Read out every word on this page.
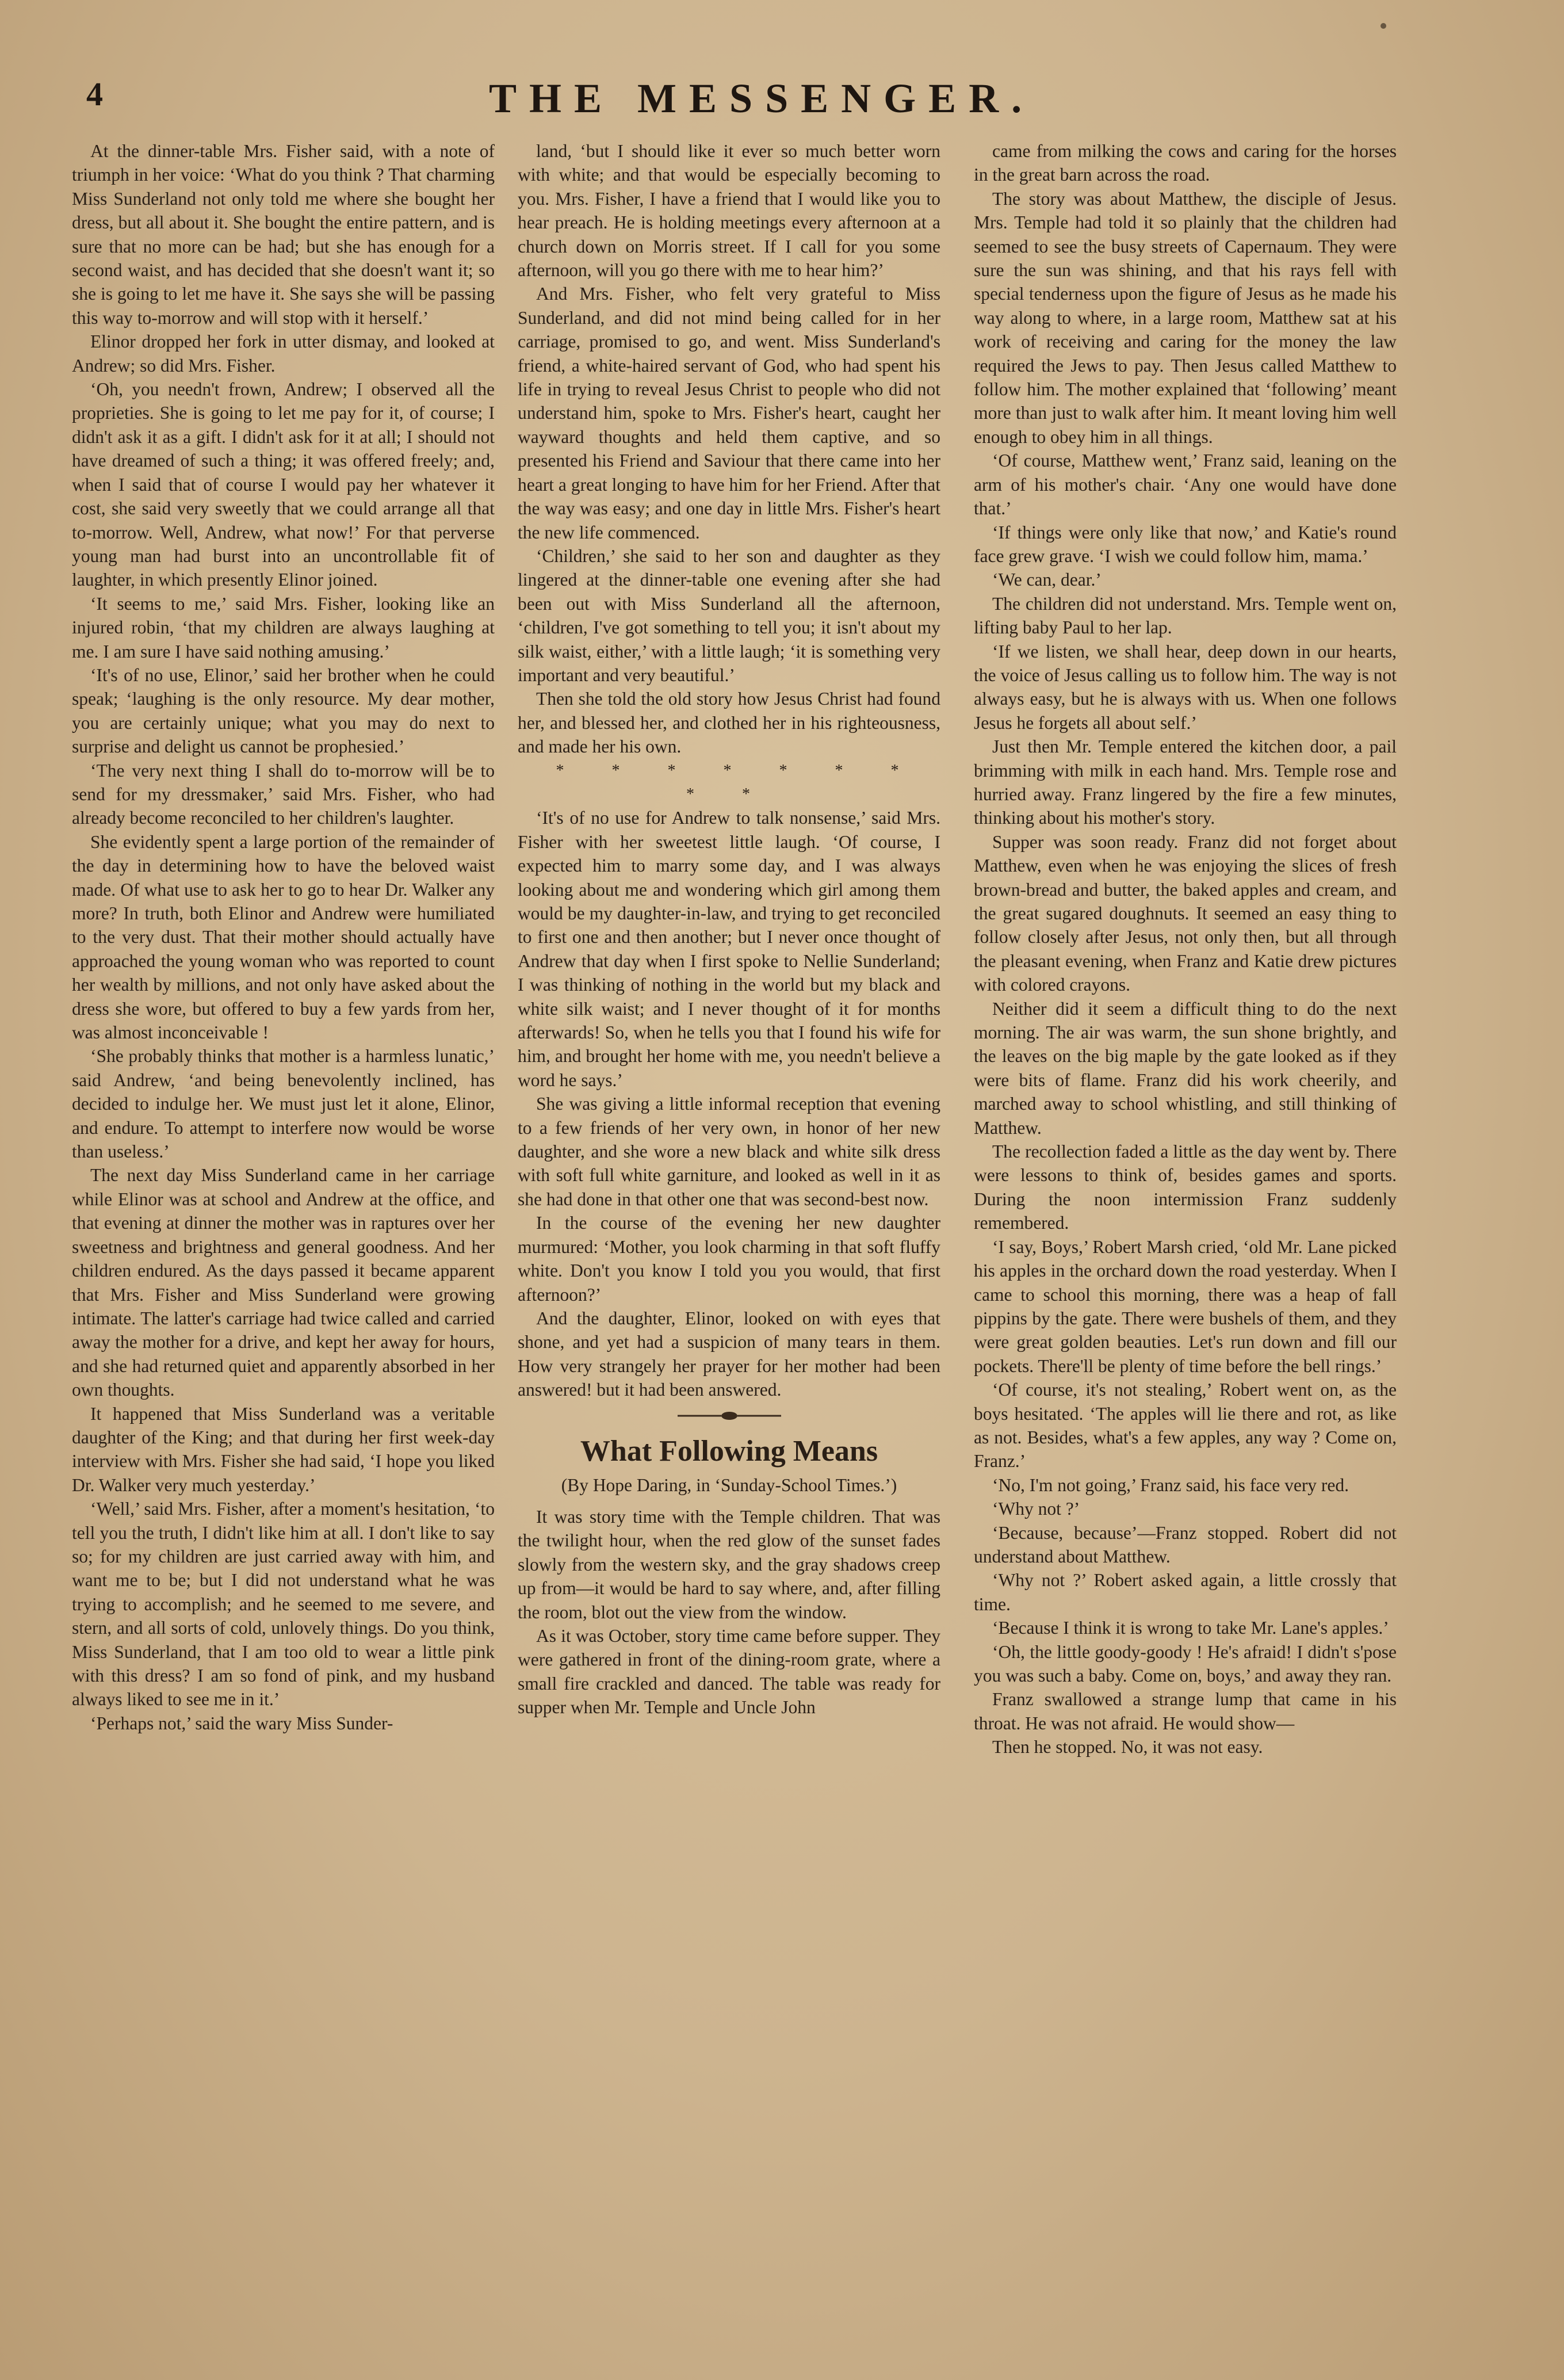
4	THE MESSENGER.

At the dinner-table Mrs. Fisher said, with a note of triumph in her voice: ‘What do you think ? That charming Miss Sunderland not only told me where she bought her dress, but all about it. She bought the entire pattern, and is sure that no more can be had; but she has enough for a second waist, and has decided that she doesn't want it; so she is going to let me have it. She says she will be passing this way to-morrow and will stop with it herself.’

Elinor dropped her fork in utter dismay, and looked at Andrew; so did Mrs. Fisher.

‘Oh, you needn't frown, Andrew; I observed all the proprieties. She is going to let me pay for it, of course; I didn't ask it as a gift. I didn't ask for it at all; I should not have dreamed of such a thing; it was offered freely; and, when I said that of course I would pay her whatever it cost, she said very sweetly that we could arrange all that to-morrow. Well, Andrew, what now!’ For that perverse young man had burst into an uncontrollable fit of laughter, in which presently Elinor joined.

‘It seems to me,’ said Mrs. Fisher, looking like an injured robin, ‘that my children are always laughing at me. I am sure I have said nothing amusing.’

‘It's of no use, Elinor,’ said her brother when he could speak; ‘laughing is the only resource. My dear mother, you are certainly unique; what you may do next to surprise and delight us cannot be prophesied.’

‘The very next thing I shall do to-morrow will be to send for my dressmaker,’ said Mrs. Fisher, who had already become reconciled to her children's laughter.

She evidently spent a large portion of the remainder of the day in determining how to have the beloved waist made. Of what use to ask her to go to hear Dr. Walker any more? In truth, both Elinor and Andrew were humiliated to the very dust. That their mother should actually have approached the young woman who was reported to count her wealth by millions, and not only have asked about the dress she wore, but offered to buy a few yards from her, was almost inconceivable !

‘She probably thinks that mother is a harmless lunatic,’ said Andrew, ‘and being benevolently inclined, has decided to indulge her. We must just let it alone, Elinor, and endure. To attempt to interfere now would be worse than useless.’

The next day Miss Sunderland came in her carriage while Elinor was at school and Andrew at the office, and that evening at dinner the mother was in raptures over her sweetness and brightness and general goodness. And her children endured. As the days passed it became apparent that Mrs. Fisher and Miss Sunderland were growing intimate. The latter's carriage had twice called and carried away the mother for a drive, and kept her away for hours, and she had returned quiet and apparently absorbed in her own thoughts.

It happened that Miss Sunderland was a veritable daughter of the King; and that during her first week-day interview with Mrs. Fisher she had said, ‘I hope you liked Dr. Walker very much yesterday.’

‘Well,’ said Mrs. Fisher, after a moment's hesitation, ‘to tell you the truth, I didn't like him at all. I don't like to say so; for my children are just carried away with him, and want me to be; but I did not understand what he was trying to accomplish; and he seemed to me severe, and stern, and all sorts of cold, unlovely things. Do you think, Miss Sunderland, that I am too old to wear a little pink with this dress? I am so fond of pink, and my husband always liked to see me in it.’

‘Perhaps not,’ said the wary Miss Sunder-

land, ‘but I should like it ever so much better worn with white; and that would be especially becoming to you. Mrs. Fisher, I have a friend that I would like you to hear preach. He is holding meetings every afternoon at a church down on Morris street. If I call for you some afternoon, will you go there with me to hear him?’

And Mrs. Fisher, who felt very grateful to Miss Sunderland, and did not mind being called for in her carriage, promised to go, and went. Miss Sunderland's friend, a white-haired servant of God, who had spent his life in trying to reveal Jesus Christ to people who did not understand him, spoke to Mrs. Fisher's heart, caught her wayward thoughts and held them captive, and so presented his Friend and Saviour that there came into her heart a great longing to have him for her Friend. After that the way was easy; and one day in little Mrs. Fisher's heart the new life commenced.

‘Children,’ she said to her son and daughter as they lingered at the dinner-table one evening after she had been out with Miss Sunderland all the afternoon, ‘children, I've got something to tell you; it isn't about my silk waist, either,’ with a little laugh; ‘it is something very important and very beautiful.’

Then she told the old story how Jesus Christ had found her, and blessed her, and clothed her in his righteousness, and made her his own.

* * * * * * * * *

‘It's of no use for Andrew to talk nonsense,’ said Mrs. Fisher with her sweetest little laugh. ‘Of course, I expected him to marry some day, and I was always looking about me and wondering which girl among them would be my daughter-in-law, and trying to get reconciled to first one and then another; but I never once thought of Andrew that day when I first spoke to Nellie Sunderland; I was thinking of nothing in the world but my black and white silk waist; and I never thought of it for months afterwards! So, when he tells you that I found his wife for him, and brought her home with me, you needn't believe a word he says.’

She was giving a little informal reception that evening to a few friends of her very own, in honor of her new daughter, and she wore a new black and white silk dress with soft full white garniture, and looked as well in it as she had done in that other one that was second-best now.

In the course of the evening her new daughter murmured: ‘Mother, you look charming in that soft fluffy white. Don't you know I told you you would, that first afternoon?’

And the daughter, Elinor, looked on with eyes that shone, and yet had a suspicion of many tears in them. How very strangely her prayer for her mother had been answered! but it had been answered.

What Following Means

(By Hope Daring, in ‘Sunday-School Times.’)

It was story time with the Temple children. That was the twilight hour, when the red glow of the sunset fades slowly from the western sky, and the gray shadows creep up from—it would be hard to say where, and, after filling the room, blot out the view from the window.

As it was October, story time came before supper. They were gathered in front of the dining-room grate, where a small fire crackled and danced. The table was ready for supper when Mr. Temple and Uncle John

came from milking the cows and caring for the horses in the great barn across the road.

The story was about Matthew, the disciple of Jesus. Mrs. Temple had told it so plainly that the children had seemed to see the busy streets of Capernaum. They were sure the sun was shining, and that his rays fell with special tenderness upon the figure of Jesus as he made his way along to where, in a large room, Matthew sat at his work of receiving and caring for the money the law required the Jews to pay. Then Jesus called Matthew to follow him. The mother explained that ‘following’ meant more than just to walk after him. It meant loving him well enough to obey him in all things.

‘Of course, Matthew went,’ Franz said, leaning on the arm of his mother's chair. ‘Any one would have done that.’

‘If things were only like that now,’ and Katie's round face grew grave. ‘I wish we could follow him, mama.’

‘We can, dear.’

The children did not understand. Mrs. Temple went on, lifting baby Paul to her lap.

‘If we listen, we shall hear, deep down in our hearts, the voice of Jesus calling us to follow him. The way is not always easy, but he is always with us. When one follows Jesus he forgets all about self.’

Just then Mr. Temple entered the kitchen door, a pail brimming with milk in each hand. Mrs. Temple rose and hurried away. Franz lingered by the fire a few minutes, thinking about his mother's story.

Supper was soon ready. Franz did not forget about Matthew, even when he was enjoying the slices of fresh brown-bread and butter, the baked apples and cream, and the great sugared doughnuts. It seemed an easy thing to follow closely after Jesus, not only then, but all through the pleasant evening, when Franz and Katie drew pictures with colored crayons.

Neither did it seem a difficult thing to do the next morning. The air was warm, the sun shone brightly, and the leaves on the big maple by the gate looked as if they were bits of flame. Franz did his work cheerily, and marched away to school whistling, and still thinking of Matthew.

The recollection faded a little as the day went by. There were lessons to think of, besides games and sports. During the noon intermission Franz suddenly remembered.

‘I say, Boys,’ Robert Marsh cried, ‘old Mr. Lane picked his apples in the orchard down the road yesterday. When I came to school this morning, there was a heap of fall pippins by the gate. There were bushels of them, and they were great golden beauties. Let's run down and fill our pockets. There'll be plenty of time before the bell rings.’

‘Of course, it's not stealing,’ Robert went on, as the boys hesitated. ‘The apples will lie there and rot, as like as not. Besides, what's a few apples, any way ? Come on, Franz.’

‘No, I'm not going,’ Franz said, his face very red.

‘Why not ?’

‘Because, because’—Franz stopped. Robert did not understand about Matthew.

‘Why not ?’ Robert asked again, a little crossly that time.

‘Because I think it is wrong to take Mr. Lane's apples.’

‘Oh, the little goody-goody ! He's afraid! I didn't s'pose you was such a baby. Come on, boys,’ and away they ran.

Franz swallowed a strange lump that came in his throat. He was not afraid. He would show—

Then he stopped. No, it was not easy.
